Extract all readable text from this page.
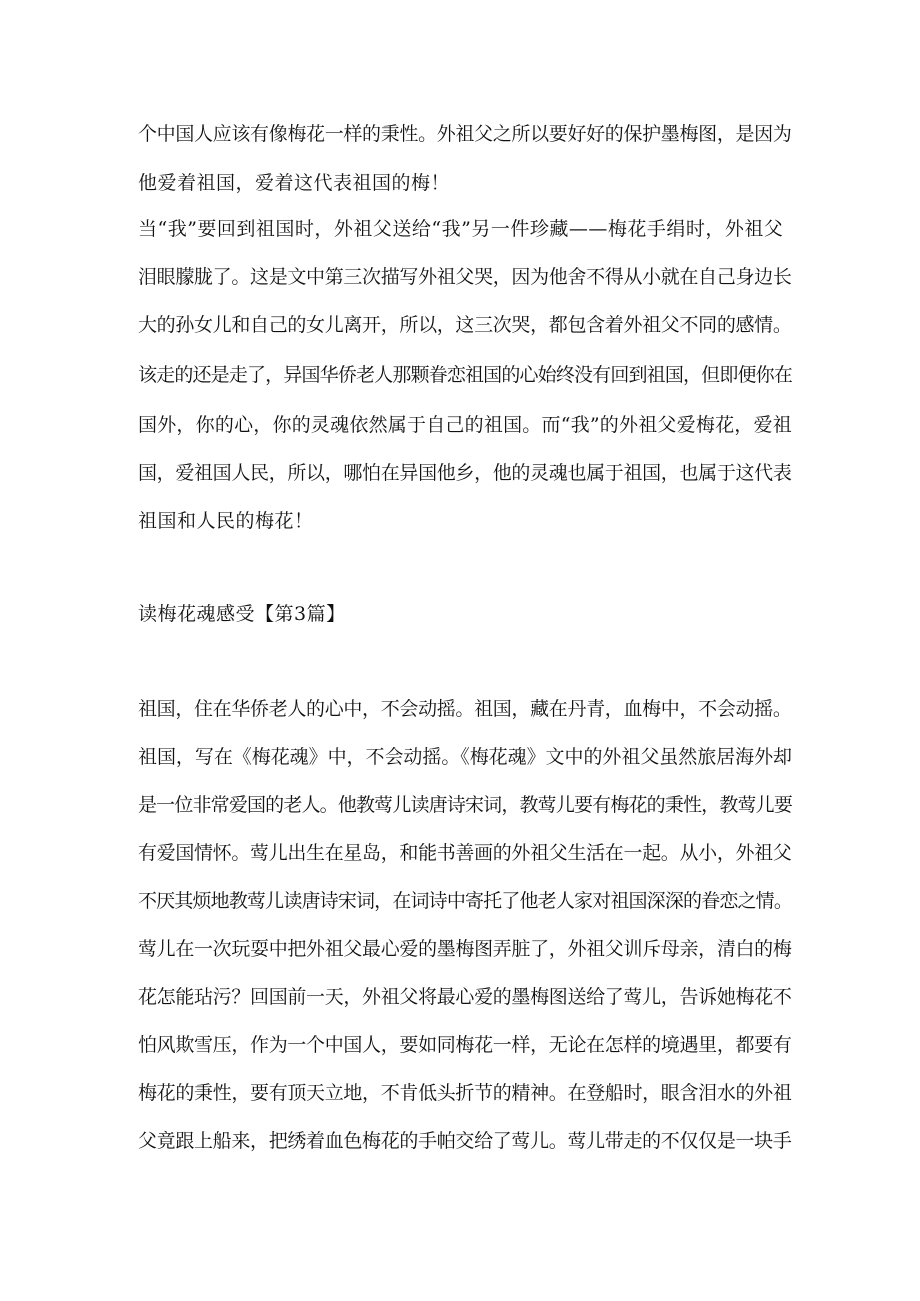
个中国人应该有像梅花一样的秉性。外祖父之所以要好好的保护墨梅图，是因为
他爱着祖国，爱着这代表祖国的梅！
当“我”要回到祖国时，外祖父送给“我”另一件珍藏——梅花手绢时，外祖父
泪眼朦胧了。这是文中第三次描写外祖父哭，因为他舍不得从小就在自己身边长
大的孙女儿和自己的女儿离开，所以，这三次哭，都包含着外祖父不同的感情。
该走的还是走了，异国华侨老人那颗眷恋祖国的心始终没有回到祖国，但即便你在
国外，你的心，你的灵魂依然属于自己的祖国。而“我”的外祖父爱梅花，爱祖
国，爱祖国人民，所以，哪怕在异国他乡，他的灵魂也属于祖国，也属于这代表
祖国和人民的梅花！
读梅花魂感受【第3篇】
祖国，住在华侨老人的心中，不会动摇。祖国，藏在丹青，血梅中，不会动摇。
祖国，写在《梅花魂》中，不会动摇。《梅花魂》文中的外祖父虽然旅居海外却
是一位非常爱国的老人。他教莺儿读唐诗宋词，教莺儿要有梅花的秉性，教莺儿要
有爱国情怀。莺儿出生在星岛，和能书善画的外祖父生活在一起。从小，外祖父
不厌其烦地教莺儿读唐诗宋词，在词诗中寄托了他老人家对祖国深深的眷恋之情。
莺儿在一次玩耍中把外祖父最心爱的墨梅图弄脏了，外祖父训斥母亲，清白的梅
花怎能玷污？回国前一天，外祖父将最心爱的墨梅图送给了莺儿，告诉她梅花不
怕风欺雪压，作为一个中国人，要如同梅花一样，无论在怎样的境遇里，都要有
梅花的秉性，要有顶天立地，不肯低头折节的精神。在登船时，眼含泪水的外祖
父竟跟上船来，把绣着血色梅花的手帕交给了莺儿。莺儿带走的不仅仅是一块手
